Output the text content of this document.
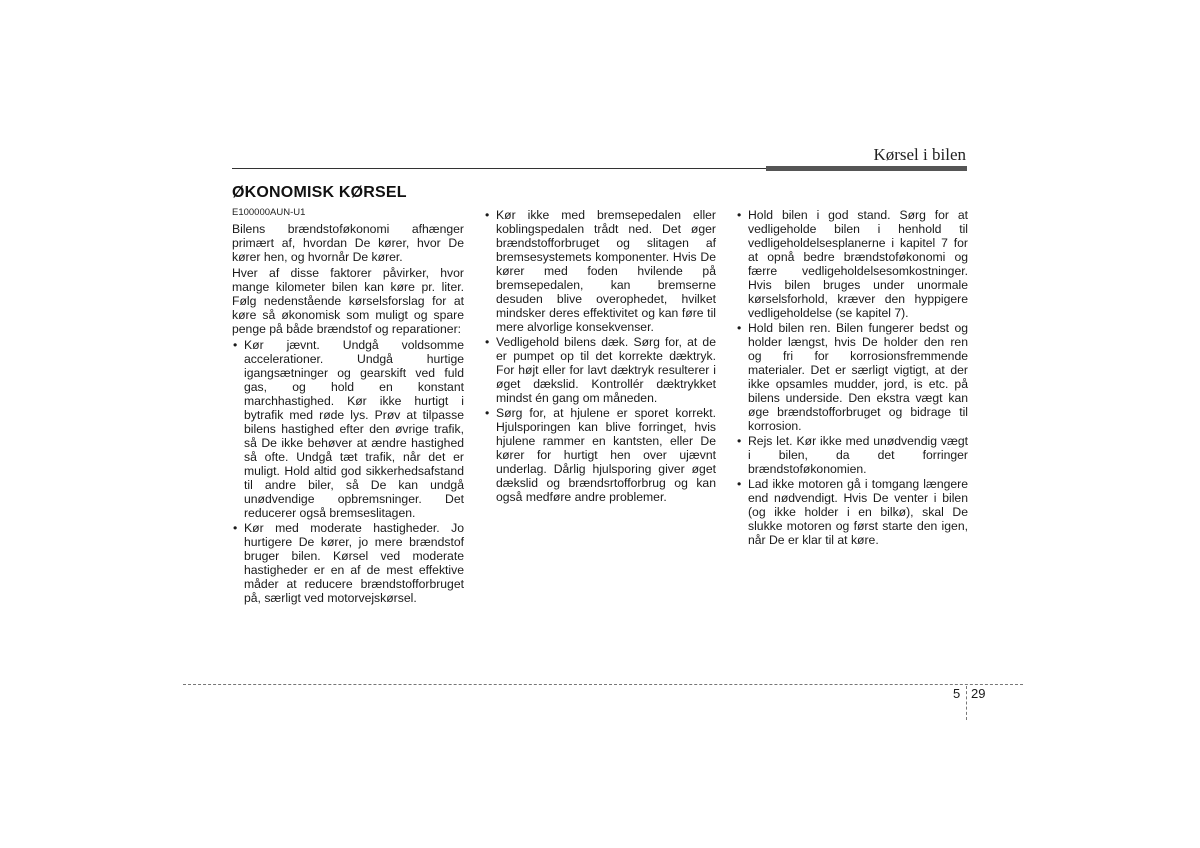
Kørsel i bilen
ØKONOMISK KØRSEL

E100000AUN-U1

Bilens brændstoføkonomi afhænger primært af, hvordan De kører, hvor De kører hen, og hvornår De kører.

Hver af disse faktorer påvirker, hvor mange kilometer bilen kan køre pr. liter. Følg nedenstående kørselsforslag for at køre så økonomisk som muligt og spare penge på både brændstof og reparationer:

• Kør jævnt. Undgå voldsomme accelerationer. Undgå hurtige igangsætninger og gearskift ved fuld gas, og hold en konstant marchhastighed. Kør ikke hurtigt i bytrafik med røde lys. Prøv at tilpasse bilens hastighed efter den øvrige trafik, så De ikke behøver at ændre hastighed så ofte. Undgå tæt trafik, når det er muligt. Hold altid god sikkerhedsafstand til andre biler, så De kan undgå unødvendige opbremsninger. Det reducerer også bremseslitagen.
• Kør med moderate hastigheder. Jo hurtigere De kører, jo mere brændstof bruger bilen. Kørsel ved moderate hastigheder er en af de mest effektive måder at reducere brændstofforbruget på, særligt ved motorvejskørsel.
• Kør ikke med bremsepedalen eller koblingspedalen trådt ned. Det øger brændstofforbruget og slitagen af bremsesystemets komponenter. Hvis De kører med foden hvilende på bremsepedalen, kan bremserne desuden blive overophedet, hvilket mindsker deres effektivitet og kan føre til mere alvorlige konsekvenser.
• Vedligehold bilens dæk. Sørg for, at de er pumpet op til det korrekte dæktryk. For højt eller for lavt dæktryk resulterer i øget dækslid. Kontrollér dæktrykket mindst én gang om måneden.
• Sørg for, at hjulene er sporet korrekt. Hjulsporingen kan blive forringet, hvis hjulene rammer en kantsten, eller De kører for hurtigt hen over ujævnt underlag. Dårlig hjulsporing giver øget dækslid og brændsrtofforbrug og kan også medføre andre problemer.
• Hold bilen i god stand. Sørg for at vedligeholde bilen i henhold til vedligeholdelsesplanerne i kapitel 7 for at opnå bedre brændstoføkonomi og færre vedligeholdelsesomkostninger. Hvis bilen bruges under unormale kørselsforhold, kræver den hyppigere vedligeholdelse (se kapitel 7).
• Hold bilen ren. Bilen fungerer bedst og holder længst, hvis De holder den ren og fri for korrosionsfremmende materialer. Det er særligt vigtigt, at der ikke opsamles mudder, jord, is etc. på bilens underside. Den ekstra vægt kan øge brændstofforbruget og bidrage til korrosion.
• Rejs let. Kør ikke med unødvendig vægt i bilen, da det forringer brændstoføkonomien.
• Lad ikke motoren gå i tomgang længere end nødvendigt. Hvis De venter i bilen (og ikke holder i en bilkø), skal De slukke motoren og først starte den igen, når De er klar til at køre.
5 29
